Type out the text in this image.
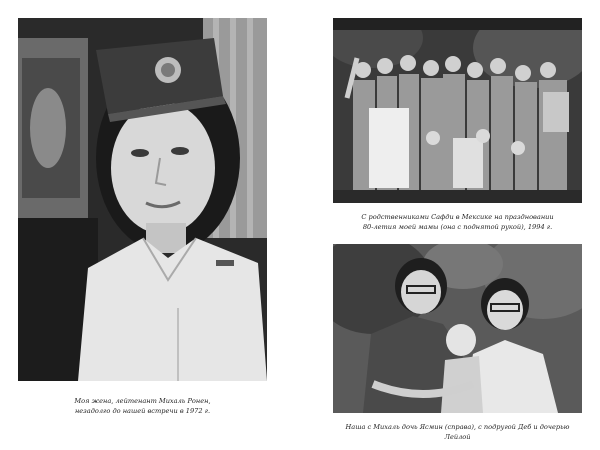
Моя жена, лейтенант Михаль Ронен,
незадолго до нашей встречи в 1972 г.
С родственниками Сафди в Мексике на праздновании
80-летия моей мамы (она с поднятой рукой), 1994 г.
Наша с Михаль дочь Ясмин (справа), с подругой Деб и дочерью Лейлой
